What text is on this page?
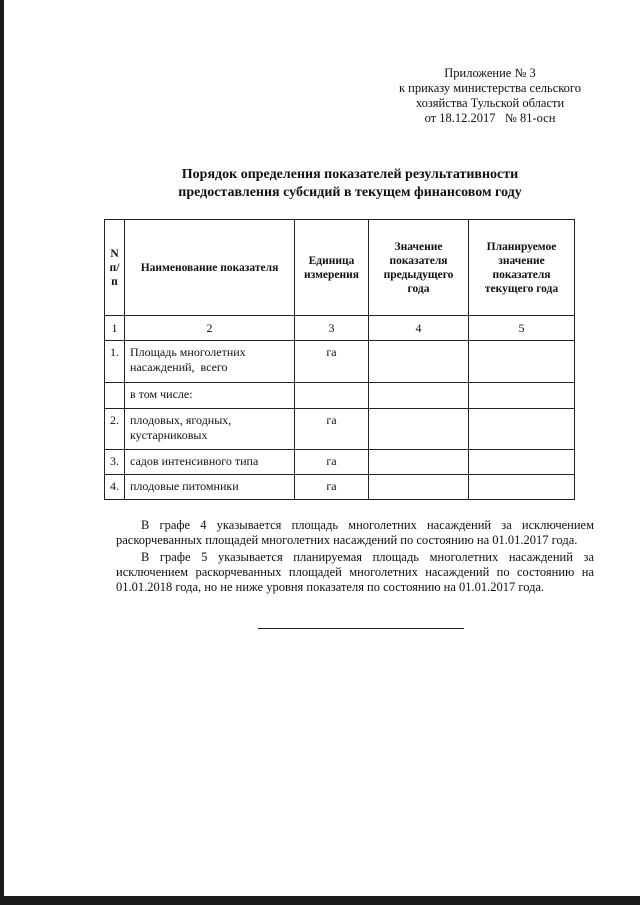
Приложение № 3
к приказу министерства сельского
хозяйства Тульской области
от 18.12.2017   № 81-осн
Порядок определения показателей результативности
предоставления субсидий в текущем финансовом году
N п/п	Наименование показателя	Единица измерения	Значение показателя предыдущего года	Планируемое значение показателя текущего года
1	2	3	4	5
1.	Площадь многолетних насаждений,  всего	га		
	в том числе:			
2.	плодовых, ягодных, кустарниковых	га		
3.	садов интенсивного типа	га		
4.	плодовые питомники	га		

В графе 4 указывается площадь многолетних насаждений за исключением раскорчеванных площадей многолетних насаждений по состоянию на 01.01.2017 года.

В графе 5 указывается планируемая площадь многолетних насаждений за исключением раскорчеванных площадей многолетних насаждений по состоянию на 01.01.2018 года, но не ниже уровня показателя по состоянию на 01.01.2017 года.
